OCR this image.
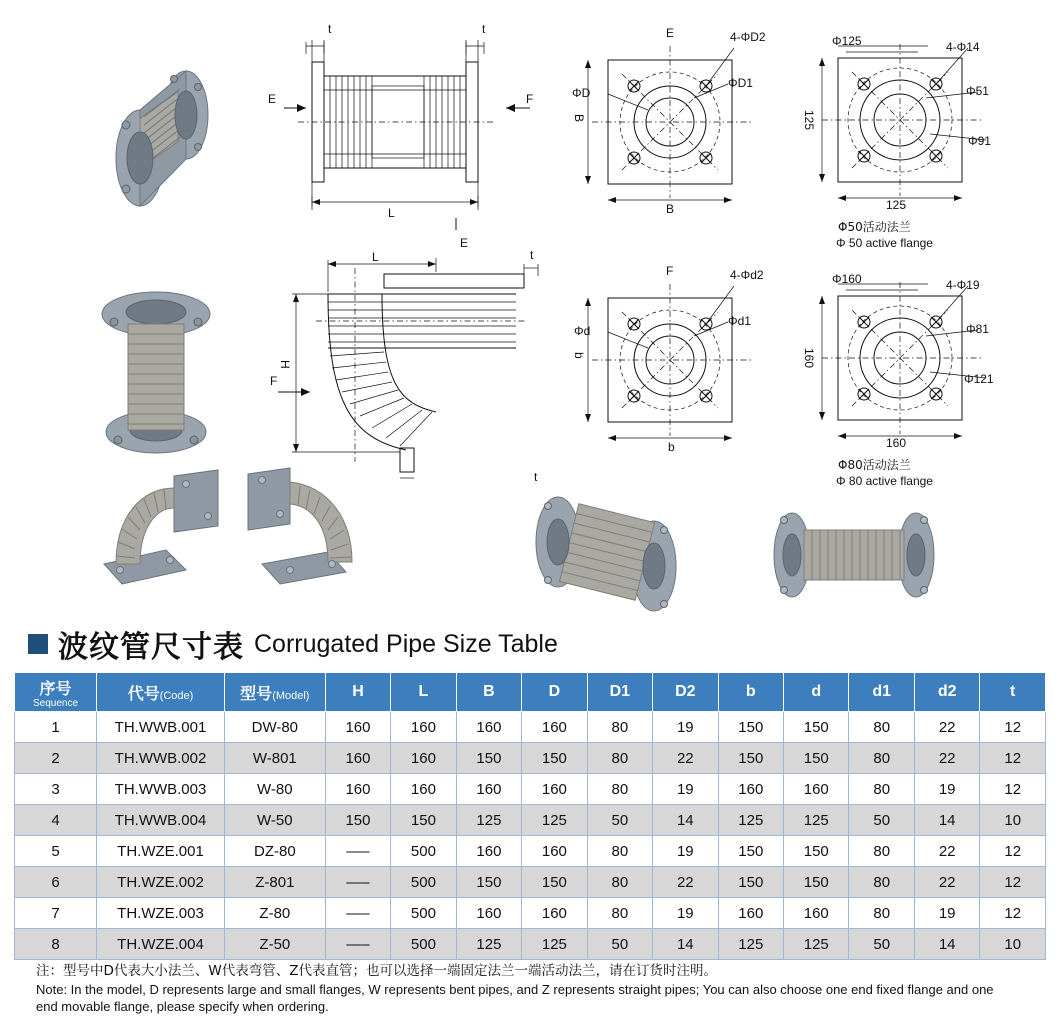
t	t
E	F
L
E
L	t
H
F
t
E	4-ΦD2
ΦD1
ΦD
B
B
F	4-Φd2
Φd1
Φd
b
b
Φ125	4-Φ14
Φ51
Φ91
125
125
Φ50活动法兰
Φ 50 active flange
Φ160	4-Φ19
Φ81
Φ121
160
160
Φ80活动法兰
Φ 80 active flange
波纹管尺寸表 Corrugated Pipe Size Table
序号
Sequence	代号(Code)	型号(Model)	H	L	B	D	D1	D2	b	d	d1	d2	t
1	TH.WWB.001	DW-80	160	160	160	160	80	19	150	150	80	22	12
2	TH.WWB.002	W-801	160	160	150	150	80	22	150	150	80	22	12
3	TH.WWB.003	W-80	160	160	160	160	80	19	160	160	80	19	12
4	TH.WWB.004	W-50	150	150	125	125	50	14	125	125	50	14	10
5	TH.WZE.001	DZ-80	—–	500	160	160	80	19	150	150	80	22	12
6	TH.WZE.002	Z-801	—–	500	150	150	80	22	150	150	80	22	12
7	TH.WZE.003	Z-80	—–	500	160	160	80	19	160	160	80	19	12
8	TH.WZE.004	Z-50	—–	500	125	125	50	14	125	125	50	14	10
注：型号中D代表大小法兰、W代表弯管、Z代表直管；也可以选择一端固定法兰一端活动法兰，请在订货时注明。
Note: In the model, D represents large and small flanges, W represents bent pipes, and Z represents straight pipes; You can also choose one end fixed flange and one
end movable flange, please specify when ordering.
